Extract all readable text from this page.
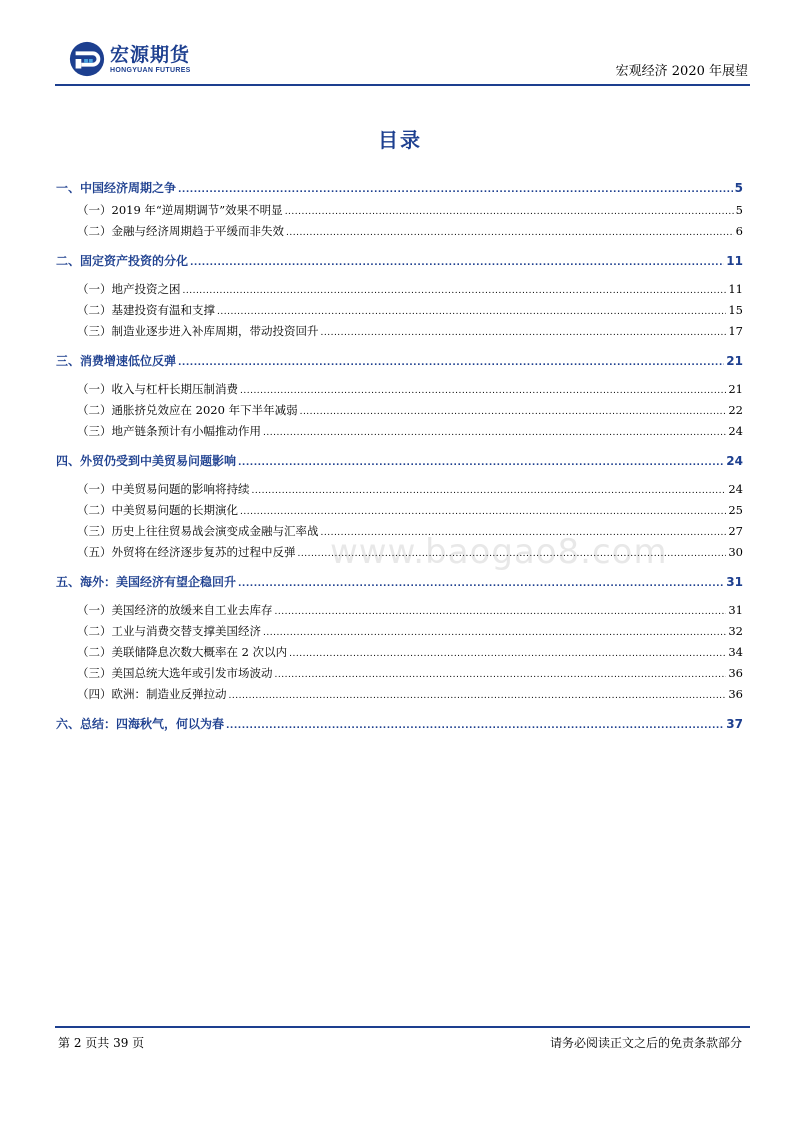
宏源期货
HONGYUAN FUTURES	宏观经济 2020 年展望
目录
一、中国经济周期之争 .....	5
（一）2019 年“逆周期调节”效果不明显 .....	5
（二）金融与经济周期趋于平缓而非失效 .....	6
二、固定资产投资的分化 .....	11
（一）地产投资之困 .....	11
（二）基建投资有温和支撑 .....	15
（三）制造业逐步进入补库周期，带动投资回升 .....	17
三、消费增速低位反弹 .....	21
（一）收入与杠杆长期压制消费 .....	21
（二）通胀挤兑效应在 2020 年下半年减弱 .....	22
（三）地产链条预计有小幅推动作用 .....	24
四、外贸仍受到中美贸易问题影响 .....	24
（一）中美贸易问题的影响将持续 .....	24
（二）中美贸易问题的长期演化 .....	25
（三）历史上往往贸易战会演变成金融与汇率战 .....	27
（五）外贸将在经济逐步复苏的过程中反弹 .....	30
五、海外：美国经济有望企稳回升 .....	31
（一）美国经济的放缓来自工业去库存 .....	31
（二）工业与消费交替支撑美国经济 .....	32
（二）美联储降息次数大概率在 2 次以内 .....	34
（三）美国总统大选年或引发市场波动 .....	36
（四）欧洲：制造业反弹拉动 .....	36
六、总结：四海秋气，何以为春 .....	37
www.baogao8.com
第 2 页共 39 页	请务必阅读正文之后的免责条款部分
